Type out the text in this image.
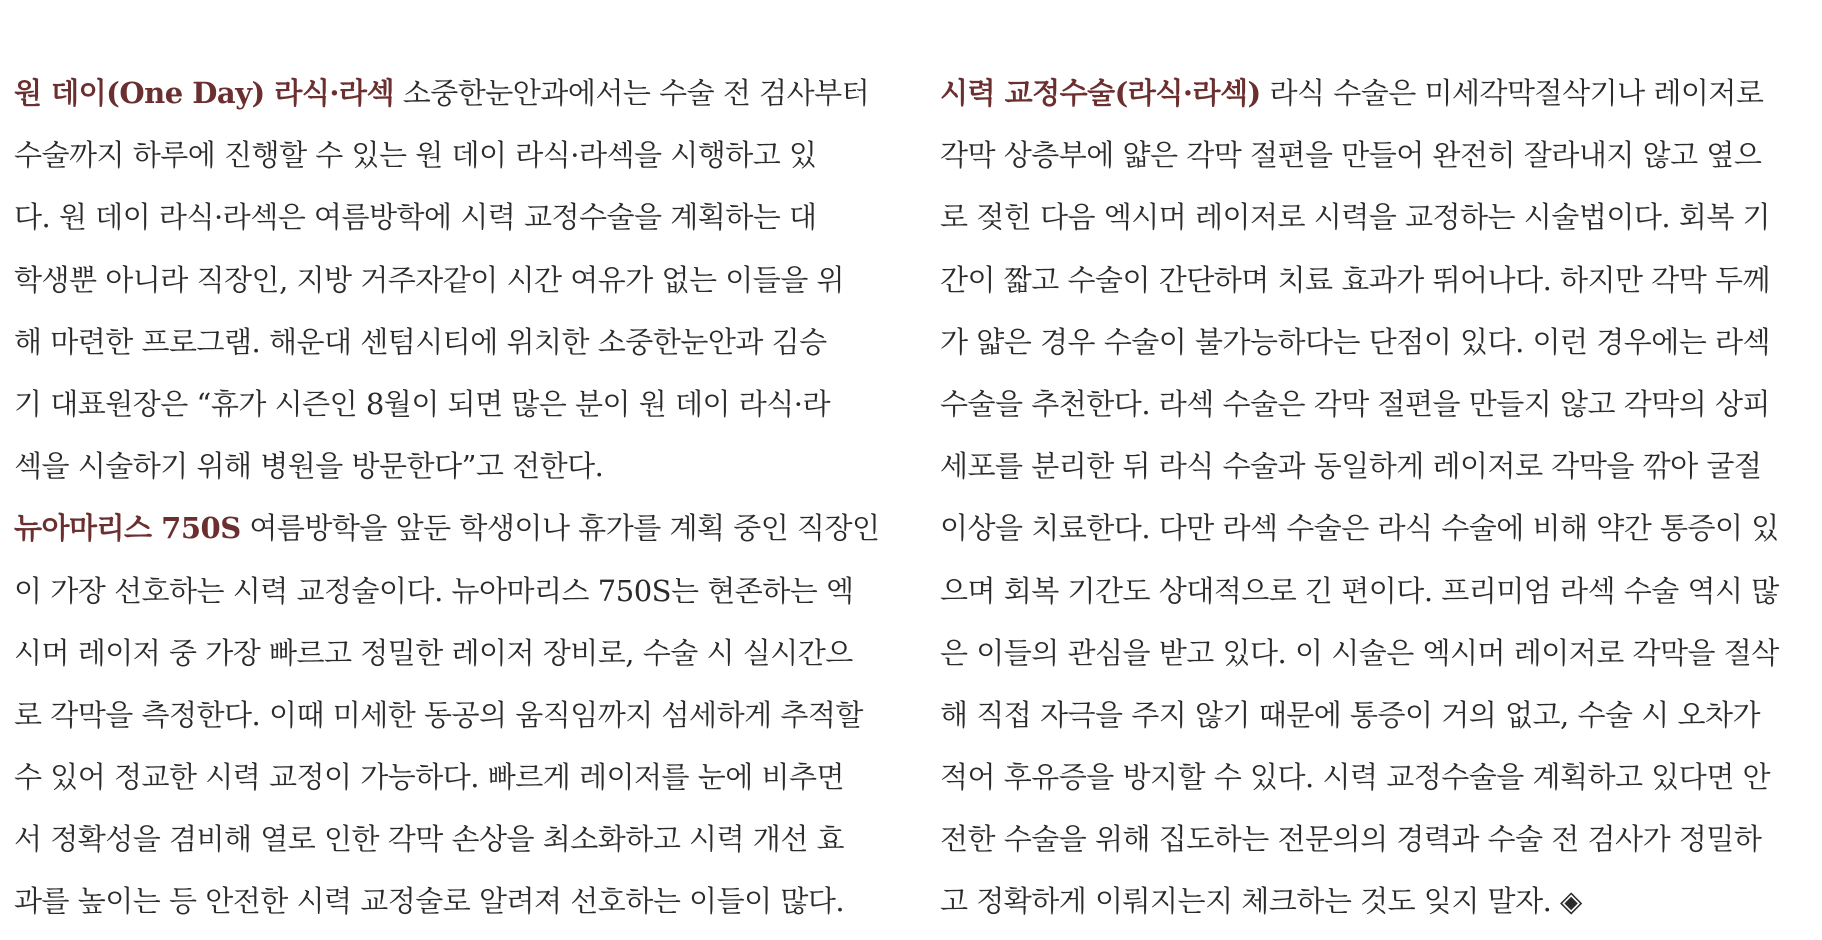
원 데이(One Day) 라식·라섹 소중한눈안과에서는 수술 전 검사부터
수술까지 하루에 진행할 수 있는 원 데이 라식·라섹을 시행하고 있
다. 원 데이 라식·라섹은 여름방학에 시력 교정수술을 계획하는 대
학생뿐 아니라 직장인, 지방 거주자같이 시간 여유가 없는 이들을 위
해 마련한 프로그램. 해운대 센텀시티에 위치한 소중한눈안과 김승
기 대표원장은 “휴가 시즌인 8월이 되면 많은 분이 원 데이 라식·라
섹을 시술하기 위해 병원을 방문한다”고 전한다.
뉴아마리스 750S 여름방학을 앞둔 학생이나 휴가를 계획 중인 직장인
이 가장 선호하는 시력 교정술이다. 뉴아마리스 750S는 현존하는 엑
시머 레이저 중 가장 빠르고 정밀한 레이저 장비로, 수술 시 실시간으
로 각막을 측정한다. 이때 미세한 동공의 움직임까지 섬세하게 추적할
수 있어 정교한 시력 교정이 가능하다. 빠르게 레이저를 눈에 비추면
서 정확성을 겸비해 열로 인한 각막 손상을 최소화하고 시력 개선 효
과를 높이는 등 안전한 시력 교정술로 알려져 선호하는 이들이 많다.
시력 교정수술(라식·라섹) 라식 수술은 미세각막절삭기나 레이저로
각막 상층부에 얇은 각막 절편을 만들어 완전히 잘라내지 않고 옆으
로 젖힌 다음 엑시머 레이저로 시력을 교정하는 시술법이다. 회복 기
간이 짧고 수술이 간단하며 치료 효과가 뛰어나다. 하지만 각막 두께
가 얇은 경우 수술이 불가능하다는 단점이 있다. 이런 경우에는 라섹
수술을 추천한다. 라섹 수술은 각막 절편을 만들지 않고 각막의 상피
세포를 분리한 뒤 라식 수술과 동일하게 레이저로 각막을 깎아 굴절
이상을 치료한다. 다만 라섹 수술은 라식 수술에 비해 약간 통증이 있
으며 회복 기간도 상대적으로 긴 편이다. 프리미엄 라섹 수술 역시 많
은 이들의 관심을 받고 있다. 이 시술은 엑시머 레이저로 각막을 절삭
해 직접 자극을 주지 않기 때문에 통증이 거의 없고, 수술 시 오차가
적어 후유증을 방지할 수 있다. 시력 교정수술을 계획하고 있다면 안
전한 수술을 위해 집도하는 전문의의 경력과 수술 전 검사가 정밀하
고 정확하게 이뤄지는지 체크하는 것도 잊지 말자. ◈
